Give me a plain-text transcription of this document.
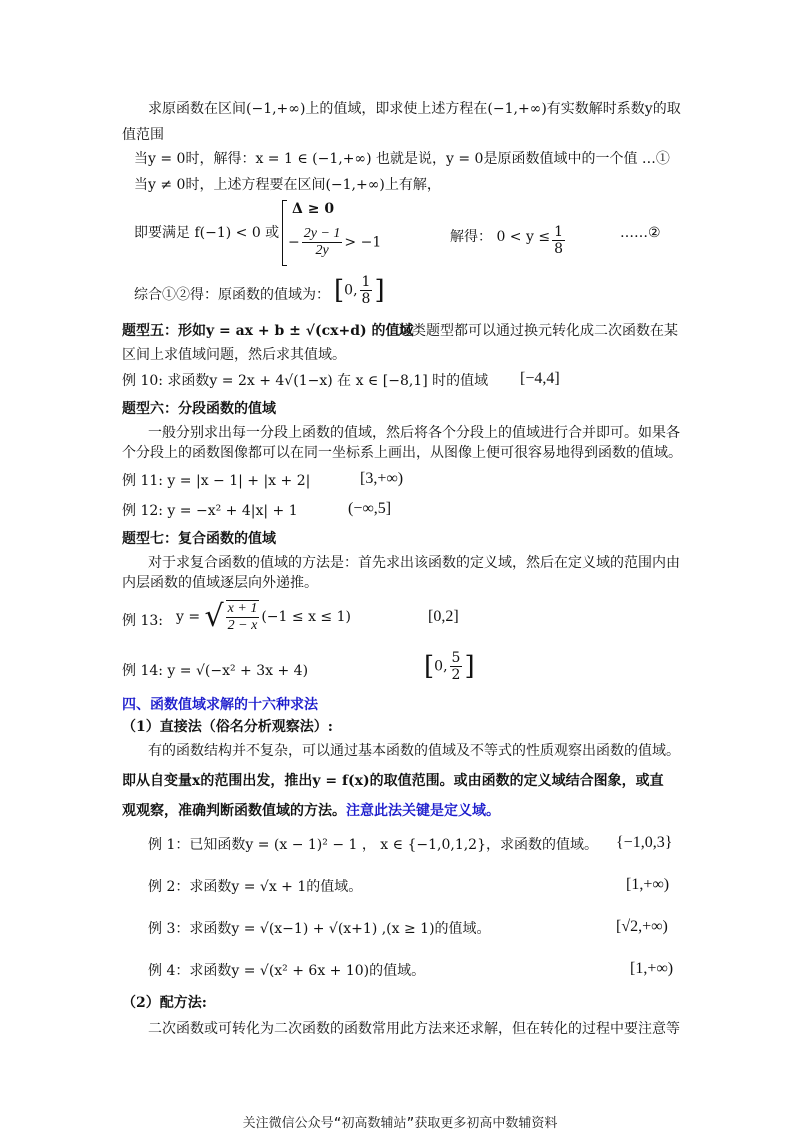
求原函数在区间(−1,+∞)上的值域，即求使上述方程在(−1,+∞)有实数解时系数y的取
值范围
当y = 0时，解得：x = 1 ∈ (−1,+∞) 也就是说，y = 0是原函数值域中的一个值 …①
当y ≠ 0时，上述方程要在区间(−1,+∞)上有解，
即要满足 f(−1) < 0 或
Δ ≥ 0
− $\frac{2y - 1}{2y} > -1$	解得： $0 < y \le \frac{1}{8}$	……②
综合①②得：原函数的值域为： [0, $\frac{1}{8}$ ]
题型五：形如y = ax + b ± √(cx+d) 的值域
这类题型都可以通过换元转化成二次函数在某
区间上求值域问题，然后求其值域。
例 10: 求函数y = 2x + 4√(1−x) 在 x ∈ [−8,1] 时的值域 [−4,4]
题型六：分段函数的值域
一般分别求出每一分段上函数的值域，然后将各个分段上的值域进行合并即可。如果各
个分段上的函数图像都可以在同一坐标系上画出，从图像上便可很容易地得到函数的值域。
例 11: y = |x − 1| + |x + 2|	[3,+∞)
例 12: y = −x² + 4|x| + 1	(−∞,5]
题型七：复合函数的值域
对于求复合函数的值域的方法是：首先求出该函数的定义域，然后在定义域的范围内由
内层函数的值域逐层向外递推。
例 13: y = √ $\frac{x + 1}{2 - x} (-1 \le x \le 1)$	[0,2]
例 14: y = √(−x² + 3x + 4)	[0, $\frac{5}{2}$ ]
四、函数值域求解的十六种求法
（1）直接法（俗名分析观察法）:
有的函数结构并不复杂，可以通过基本函数的值域及不等式的性质观察出函数的值域。
即从自变量x的范围出发，推出y = f(x)的取值范围。或由函数的定义域结合图象，或直
观观察，准确判断函数值域的方法。注意此法关键是定义域。
例 1：已知函数y = (x − 1)² − 1 ， x ∈ {−1,0,1,2}，求函数的值域。 {−1,0,3}
例 2：求函数y = √x + 1的值域。	[1,+∞)
例 3：求函数y = √(x−1) + √(x+1) ,(x ≥ 1)的值域。	[√2,+∞)
例 4：求函数y = √(x² + 6x + 10)的值域。	[1,+∞)
（2）配方法:
二次函数或可转化为二次函数的函数常用此方法来还求解，但在转化的过程中要注意等
关注微信公众号“初高数辅站”获取更多初高中数辅资料
